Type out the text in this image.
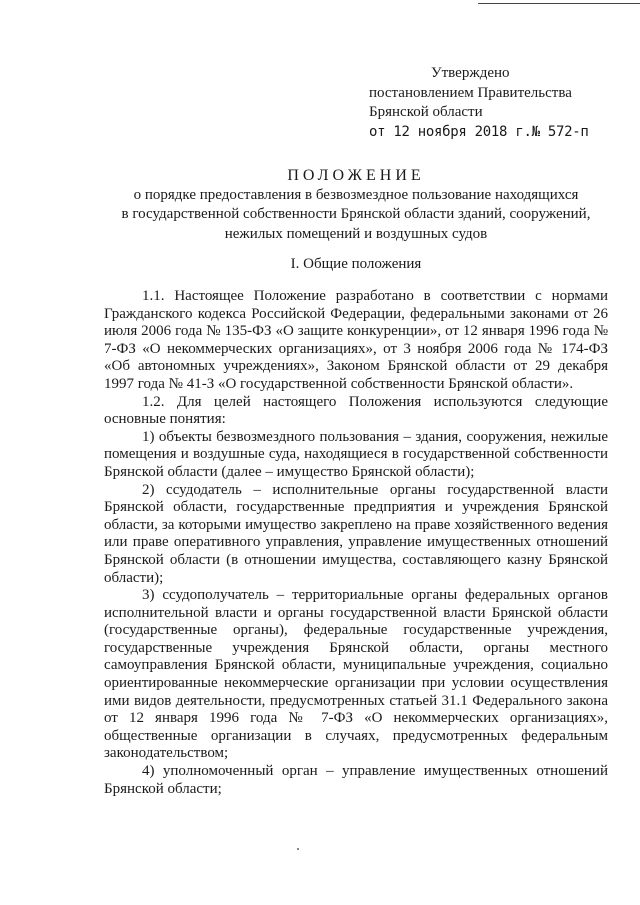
Утверждено
постановлением Правительства
Брянской области
от 12 ноября 2018 г.№ 572-п
ПОЛОЖЕНИЕ
о порядке предоставления в безвозмездное пользование находящихся
в государственной собственности Брянской области зданий, сооружений,
нежилых помещений и воздушных судов
I. Общие положения

1.1. Настоящее Положение разработано в соответствии с нормами Гражданского кодекса Российской Федерации, федеральными законами от 26 июля 2006 года № 135-ФЗ «О защите конкуренции», от 12 января 1996 года № 7-ФЗ «О некоммерческих организациях», от 3 ноября 2006 года № 174-ФЗ «Об автономных учреждениях», Законом Брянской области от 29 декабря 1997 года № 41-З «О государственной собственности Брянской области».

1.2. Для целей настоящего Положения используются следующие основные понятия:

1) объекты безвозмездного пользования – здания, сооружения, нежилые помещения и воздушные суда, находящиеся в государственной собственности Брянской области (далее – имущество Брянской области);

2) ссудодатель – исполнительные органы государственной власти Брянской области, государственные предприятия и учреждения Брянской области, за которыми имущество закреплено на праве хозяйственного ведения или праве оперативного управления, управление имущественных отношений Брянской области (в отношении имущества, составляющего казну Брянской области);

3) ссудополучатель – территориальные органы федеральных органов исполнительной власти и органы государственной власти Брянской области (государственные органы), федеральные государственные учреждения, государственные учреждения Брянской области, органы местного самоуправления Брянской области, муниципальные учреждения, социально ориентированные некоммерческие организации при условии осуществления ими видов деятельности, предусмотренных статьей 31.1 Федерального закона от 12 января 1996 года № 7-ФЗ «О некоммерческих организациях», общественные организации в случаях, предусмотренных федеральным законодательством;

4) уполномоченный орган – управление имущественных отношений Брянской области;
